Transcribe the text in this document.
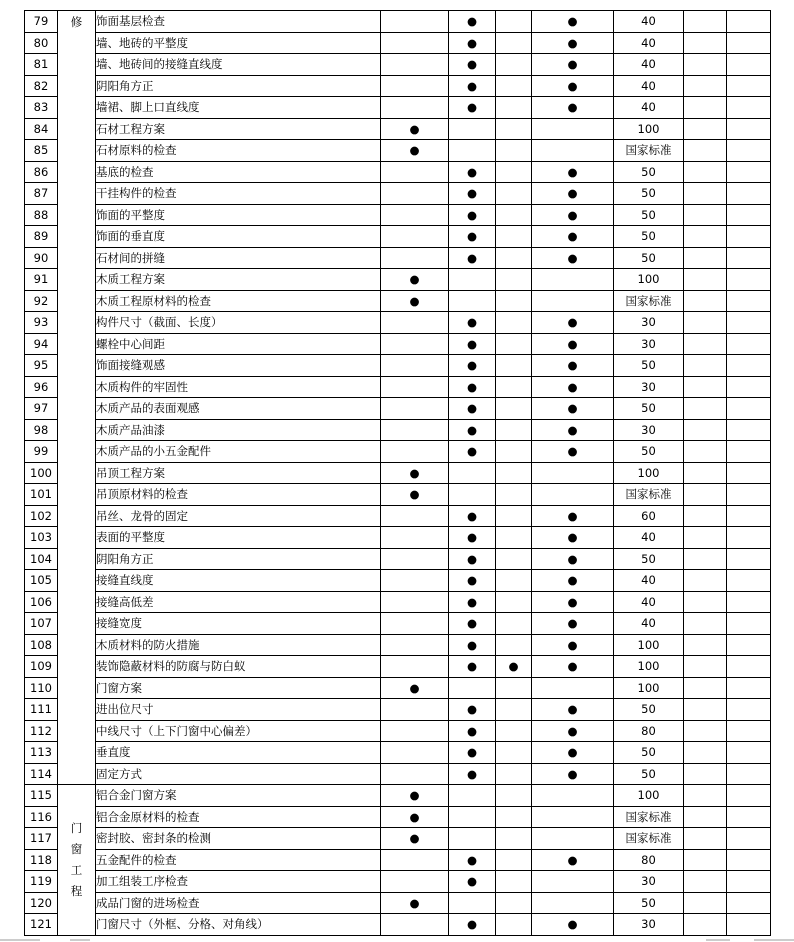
79	修	饰面基层检查		●		●	40		
80		墙、地砖的平整度		●		●	40		
81		墙、地砖间的接缝直线度		●		●	40		
82		阴阳角方正		●		●	40		
83		墙裙、脚上口直线度		●		●	40		
84		石材工程方案	●				100		
85		石材原料的检查	●				国家标准		
86		基底的检查		●		●	50		
87		干挂构件的检查		●		●	50		
88		饰面的平整度		●		●	50		
89		饰面的垂直度		●		●	50		
90		石材间的拼缝		●		●	50		
91		木质工程方案	●				100		
92		木质工程原材料的检查	●				国家标准		
93		构件尺寸（截面、长度）		●		●	30		
94		螺栓中心间距		●		●	30		
95		饰面接缝观感		●		●	50		
96		木质构件的牢固性		●		●	30		
97		木质产品的表面观感		●		●	50		
98		木质产品油漆		●		●	30		
99		木质产品的小五金配件		●		●	50		
100		吊顶工程方案	●				100		
101		吊顶原材料的检查	●				国家标准		
102		吊丝、龙骨的固定		●		●	60		
103		表面的平整度		●		●	40		
104		阴阳角方正		●		●	50		
105		接缝直线度		●		●	40		
106		接缝高低差		●		●	40		
107		接缝宽度		●		●	40		
108		木质材料的防火措施		●		●	100		
109		装饰隐蔽材料的防腐与防白蚁		●	●	●	100		
110		门窗方案	●				100		
111		进出位尺寸		●		●	50		
112		中线尺寸（上下门窗中心偏差）		●		●	80		
113		垂直度		●		●	50		
114		固定方式		●		●	50		
115	门窗工程	铝合金门窗方案	●				100		
116		铝合金原材料的检查	●				国家标准		
117		密封胶、密封条的检测	●				国家标准		
118		五金配件的检查		●		●	80		
119		加工组装工序检查		●			30		
120		成品门窗的进场检查	●				50		
121		门窗尺寸（外框、分格、对角线）		●		●	30		
